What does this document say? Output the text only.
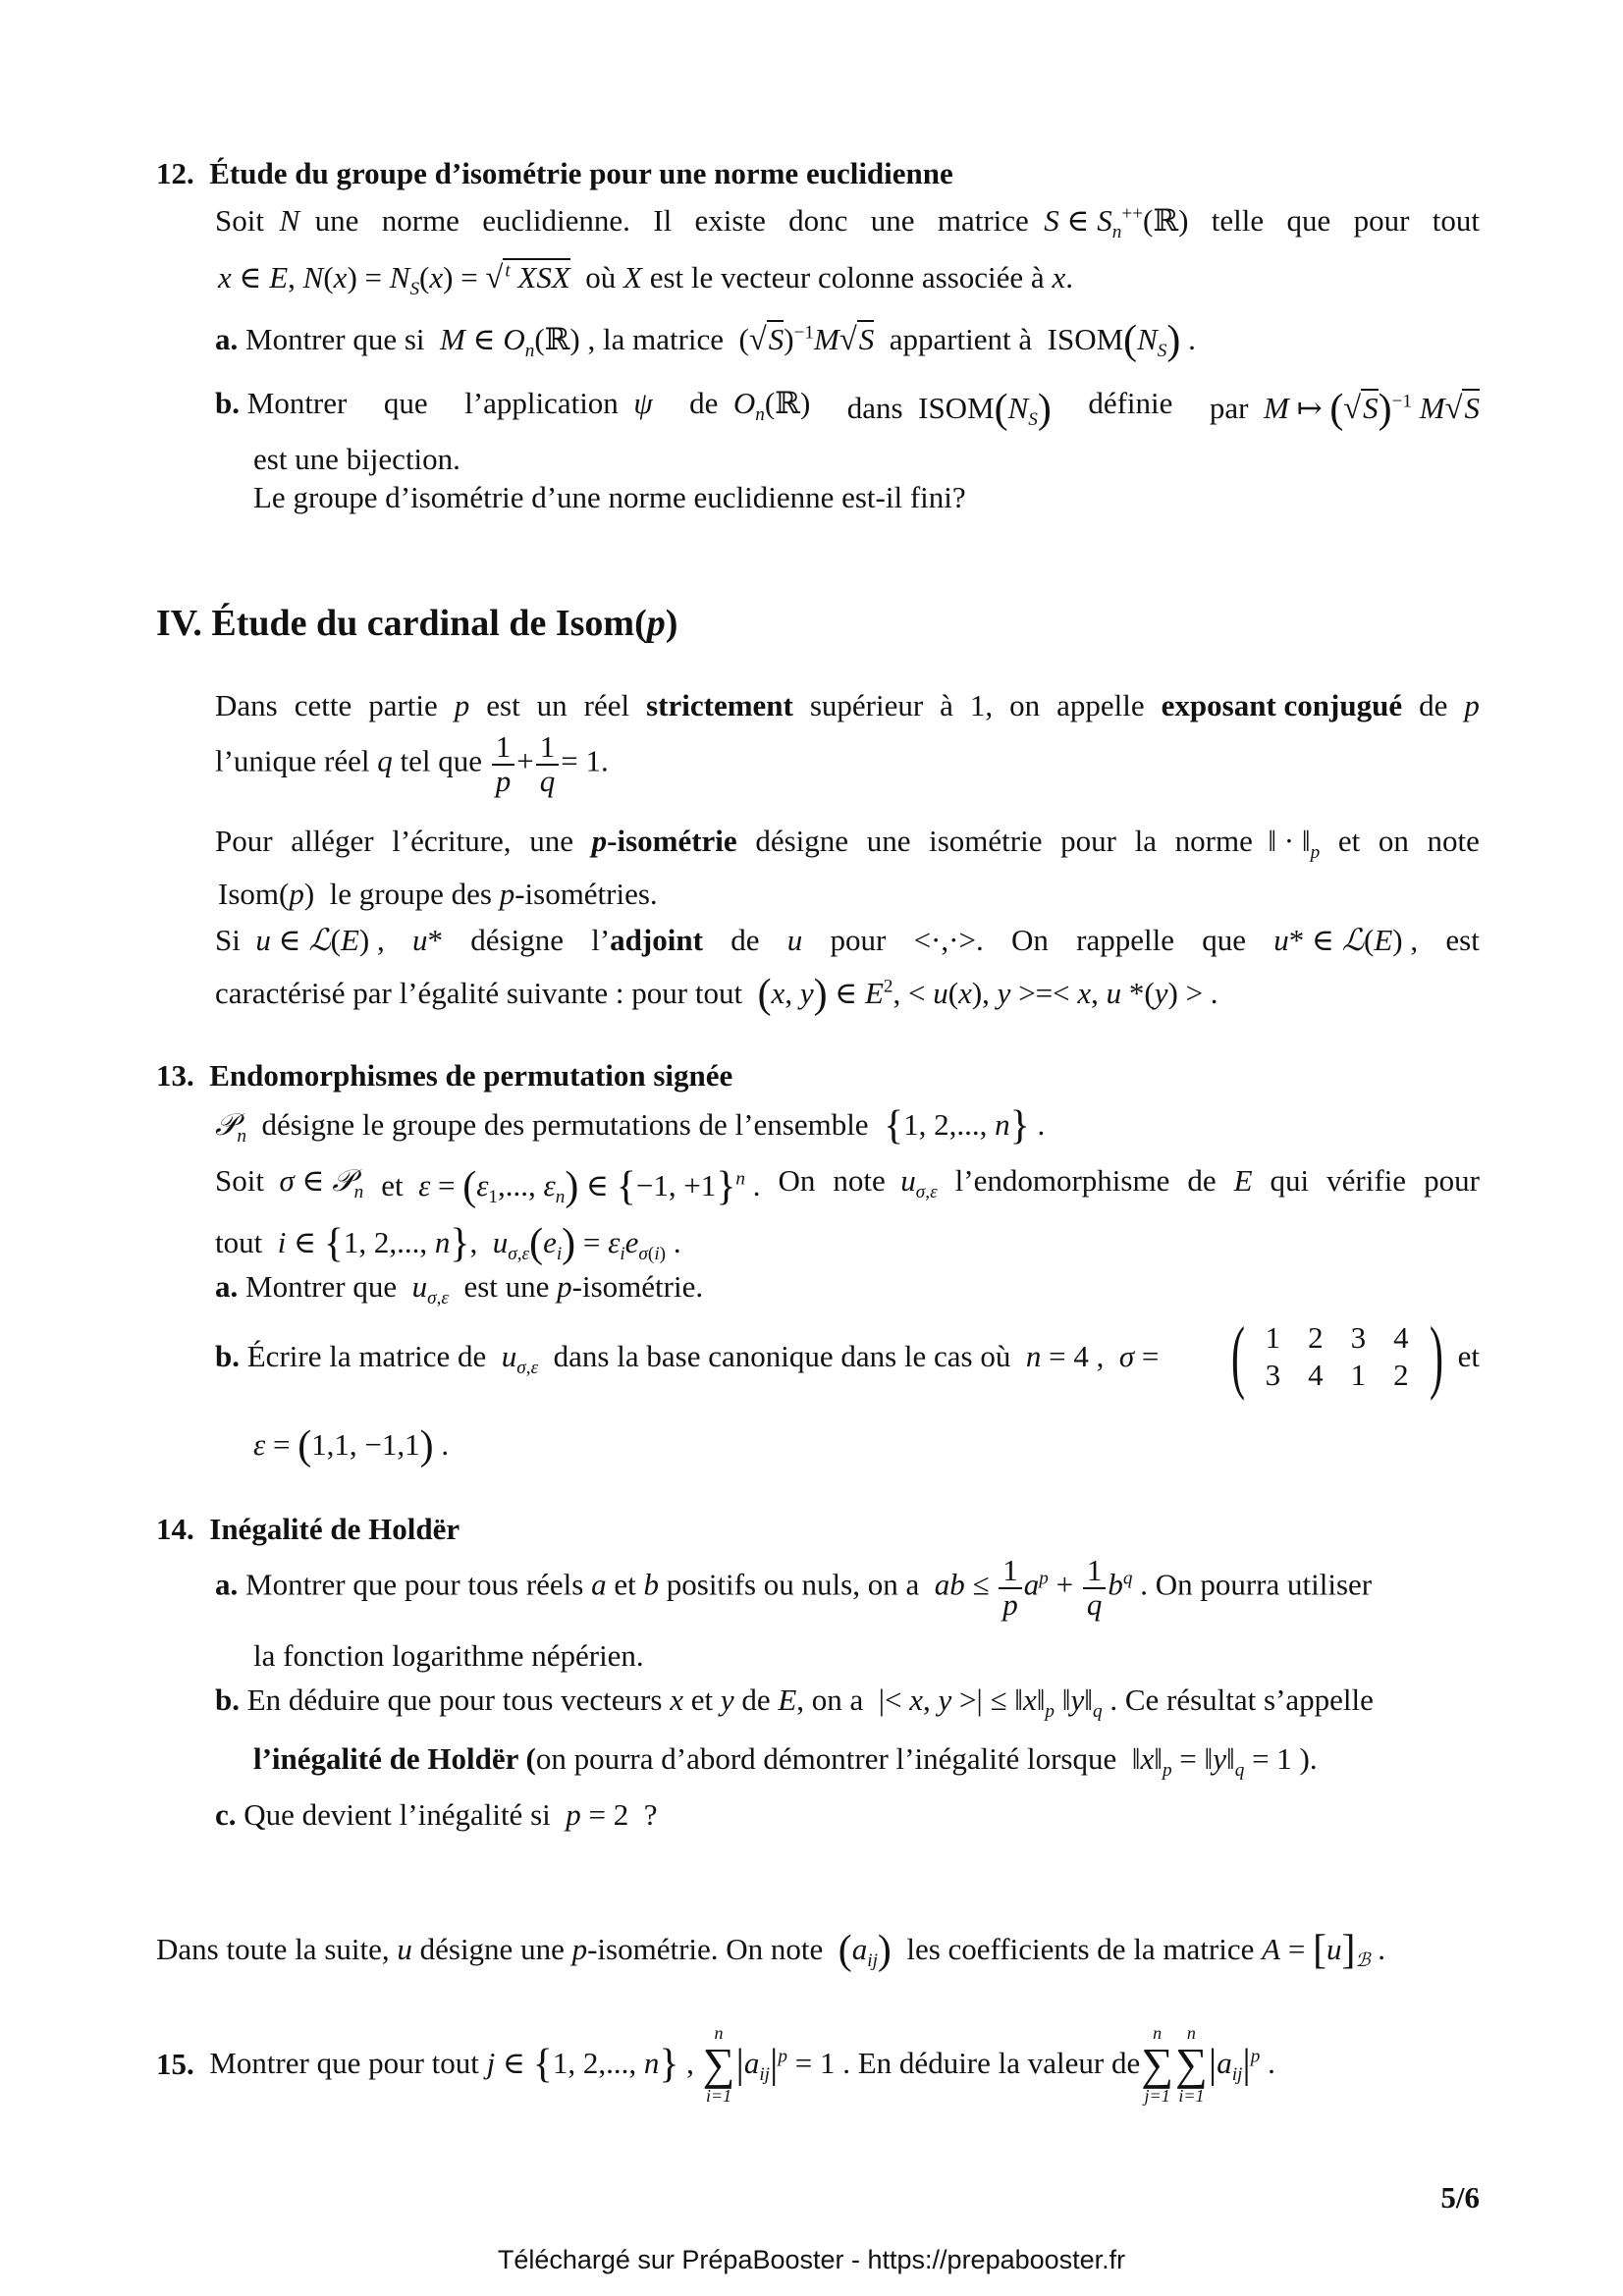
12. Étude du groupe d’isométrie pour une norme euclidienne
Soit  N  une norme euclidienne. Il existe donc une matrice  S ∈ $S_n^{++}(ℝ)$ telle que pour tout
x ∈ E, $N(x) = N_S(x)$ = √ $^t$ XSX  où X est le vecteur colonne associée à x.
a. Montrer que si  M ∈ $O_n(ℝ)$ , la matrice  $(√S)^{-1}M√S$  appartient à  $ISOM(N_S)$ .
b. Montrer que l’application  ψ de  $O_n(ℝ)$ dans  $ISOM(N_S)$ définie par  M ↦ $(√S)^{-1}$ M√S
est une bijection.
Le groupe d’isométrie d’une norme euclidienne est-il fini?
IV. Étude du cardinal de Isom(p)
Dans cette partie p est un réel strictement supérieur à 1, on appelle exposant conjugué de p
l’unique réel q tel que $\frac{1}{p} + \frac{1}{q} = 1$.
Pour alléger l’écriture, une p-isométrie désigne une isométrie pour la norme  ‖ · $‖_p$ et on note
Isom(p)  le groupe des p-isométries.
Si  u ∈ ℒ(E) , u* désigne l’adjoint de u pour <·,·>. On rappelle que u* ∈ ℒ(E) , est
caractérisé par l’égalité suivante : pour tout  (x, y) ∈ $E^2$, < u(x), y >=< x, u *(y) > .
13. Endomorphismes de permutation signée
𝒫$_n$  désigne le groupe des permutations de l’ensemble  {1, 2,..., n} .
Soit  σ ∈ 𝒫$_n$ et  $\varepsilon = (\varepsilon_1$,..., $\varepsilon_n$) ∈ {−1, +1}$^n$ . On note  $u_{\sigma,\varepsilon}$ l’endomorphisme de E qui vérifie pour
tout  i ∈ {1, 2,..., n},  $u_{\sigma,\varepsilon}(e_i) = \varepsilon_ie_{\sigma(i)}$ .
a. Montrer que  $u_{\sigma,\varepsilon}$  est une p-isométrie.
b. Écrire la matrice de  $u_{\sigma,\varepsilon}$  dans la base canonique dans le cas où  n = 4 ,  σ = ( 1	2	3	4
3	4	1	2 ) et
ε = (1,1, −1,1) .
14. Inégalité de Holdër
a. Montrer que pour tous réels a et b positifs ou nuls, on a  ab ≤ $\frac{1}{p} a^p + \frac{1}{q} b^q$ . On pourra utiliser
la fonction logarithme népérien.
b. En déduire que pour tous vecteurs x et y de E, on a  |< x, y >| ≤ $‖x‖_p$ $‖y‖_q$ . Ce résultat s’appelle
l’inégalité de Holdër (on pourra d’abord démontrer l’inégalité lorsque  $‖x‖_p$ = $‖y‖_q = 1$ ).
c. Que devient l’inégalité si  p = 2  ?
Dans toute la suite, u désigne une p-isométrie. On note  $(a_{ij})$  les coefficients de la matrice $A = [u]_ℬ$ .
15.
Montrer que pour tout j ∈ {1, 2,..., n} ,
n
∑
i=1
$|a_{ij}|^p = 1$ . En déduire la valeur de
n
∑
j=1
n
∑
i=1
$|a_{ij}|^p$ .
5/6
Téléchargé sur PrépaBooster - https://prepabooster.fr
